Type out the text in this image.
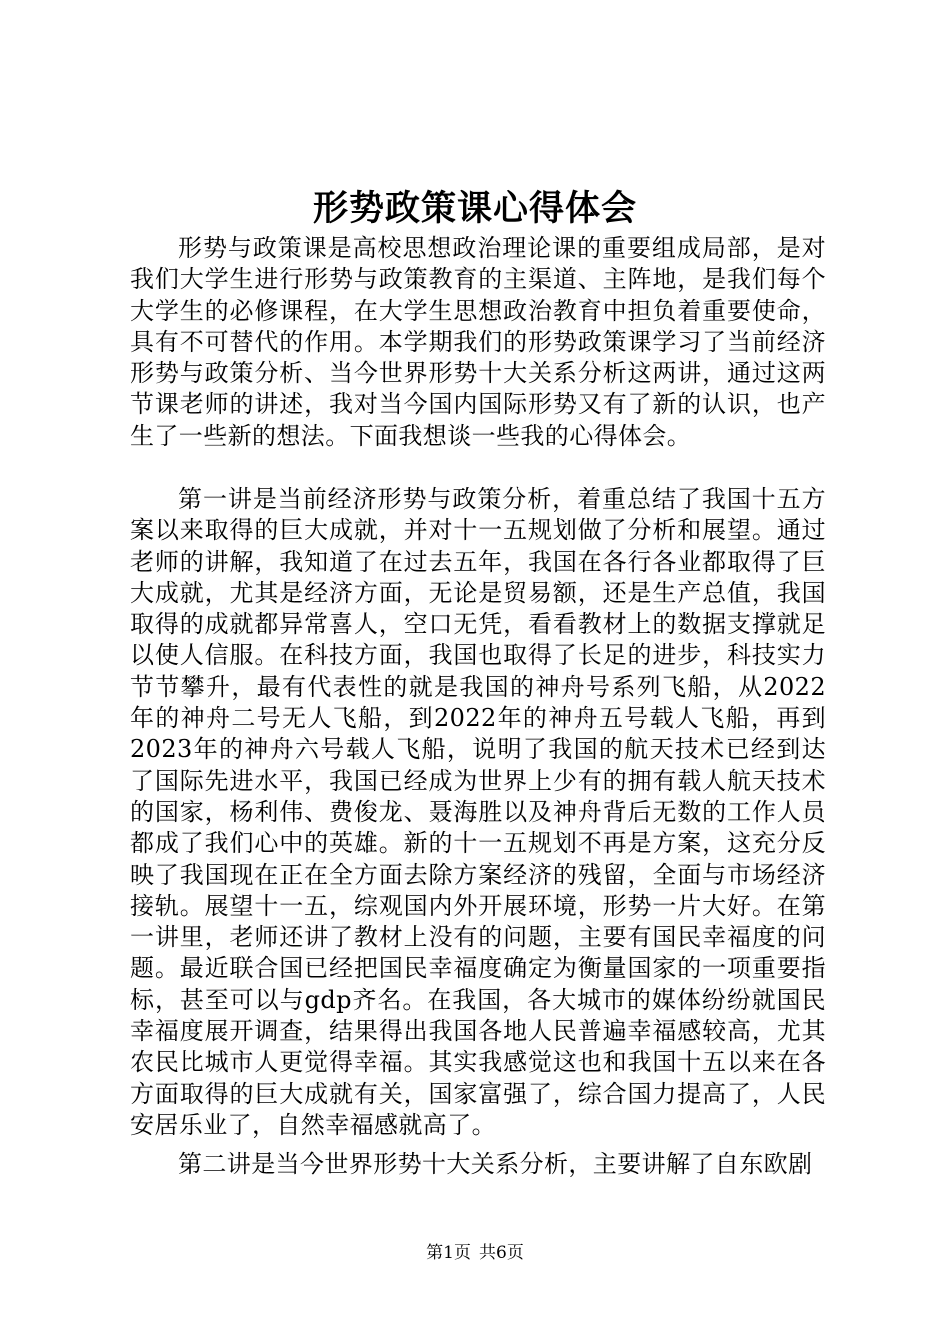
形势政策课心得体会

形势与政策课是高校思想政治理论课的重要组成局部，是对我们大学生进行形势与政策教育的主渠道、主阵地，是我们每个大学生的必修课程，在大学生思想政治教育中担负着重要使命，具有不可替代的作用。本学期我们的形势政策课学习了当前经济形势与政策分析、当今世界形势十大关系分析这两讲，通过这两节课老师的讲述，我对当今国内国际形势又有了新的认识，也产生了一些新的想法。下面我想谈一些我的心得体会。

第一讲是当前经济形势与政策分析，着重总结了我国十五方案以来取得的巨大成就，并对十一五规划做了分析和展望。通过老师的讲解，我知道了在过去五年，我国在各行各业都取得了巨大成就，尤其是经济方面，无论是贸易额，还是生产总值，我国取得的成就都异常喜人，空口无凭，看看教材上的数据支撑就足以使人信服。在科技方面，我国也取得了长足的进步，科技实力节节攀升，最有代表性的就是我国的神舟号系列飞船，从2022年的神舟二号无人飞船，到2022年的神舟五号载人飞船，再到2023年的神舟六号载人飞船，说明了我国的航天技术已经到达了国际先进水平，我国已经成为世界上少有的拥有载人航天技术的国家，杨利伟、费俊龙、聂海胜以及神舟背后无数的工作人员都成了我们心中的英雄。新的十一五规划不再是方案，这充分反映了我国现在正在全方面去除方案经济的残留，全面与市场经济接轨。展望十一五，综观国内外开展环境，形势一片大好。在第一讲里，老师还讲了教材上没有的问题，主要有国民幸福度的问题。最近联合国已经把国民幸福度确定为衡量国家的一项重要指标，甚至可以与gdp齐名。在我国，各大城市的媒体纷纷就国民幸福度展开调查，结果得出我国各地人民普遍幸福感较高，尤其农民比城市人更觉得幸福。其实我感觉这也和我国十五以来在各方面取得的巨大成就有关，国家富强了，综合国力提高了，人民安居乐业了，自然幸福感就高了。

第二讲是当今世界形势十大关系分析，主要讲解了自东欧剧

第1页 共6页
